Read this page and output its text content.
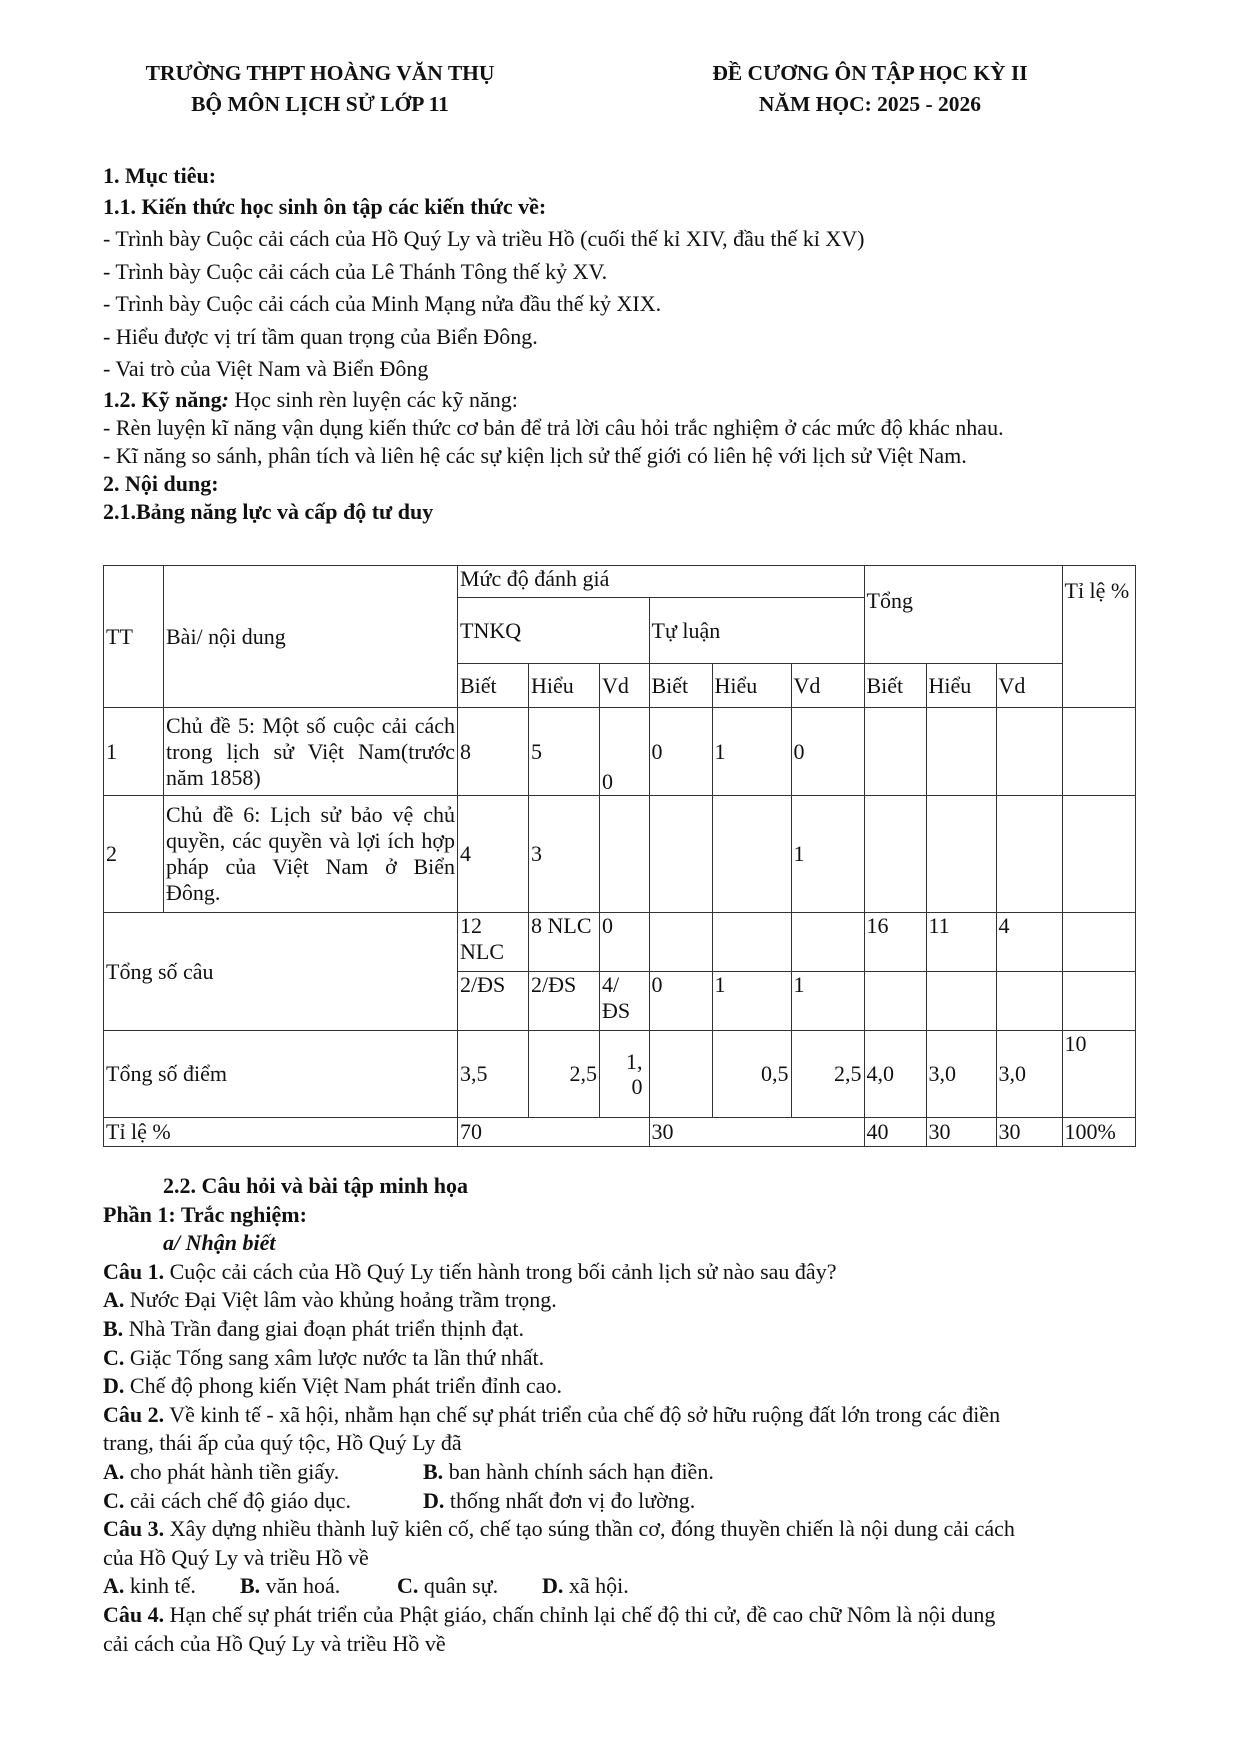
TRƯỜNG THPT HOÀNG VĂN THỤ
BỘ MÔN LỊCH SỬ LỚP 11
ĐỀ CƯƠNG ÔN TẬP HỌC KỲ II
NĂM HỌC: 2025 - 2026
1. Mục tiêu:
1.1. Kiến thức học sinh ôn tập các kiến thức về:
- Trình bày Cuộc cải cách của Hồ Quý Ly và triều Hồ (cuối thế kỉ XIV, đầu thế kỉ XV)
- Trình bày Cuộc cải cách của Lê Thánh Tông thế kỷ XV.
- Trình bày Cuộc cải cách của Minh Mạng nửa đầu thế kỷ XIX.
- Hiểu được vị trí tầm quan trọng của Biển Đông.
- Vai trò của Việt Nam và Biển Đông
1.2. Kỹ năng: Học sinh rèn luyện các kỹ năng:
- Rèn luyện kĩ năng vận dụng kiến thức cơ bản để trả lời câu hỏi trắc nghiệm ở các mức độ khác nhau.
- Kĩ năng so sánh, phân tích và liên hệ các sự kiện lịch sử thế giới có liên hệ với lịch sử Việt Nam.
2. Nội dung:
2.1.Bảng năng lực và cấp độ tư duy
TT	Bài/ nội dung	Mức độ đánh giá						Tổng			Tỉ lệ %
		TNKQ			Tự luận						
		Biết	Hiểu	Vd	Biết	Hiểu	Vd	Biết	Hiểu	Vd	
1	Chủ đề 5: Một số cuộc cải cách trong lịch sử Việt Nam(trước năm 1858)	8	5	0	0	1	0				
2	Chủ đề 6: Lịch sử bảo vệ chủ quyền, các quyền và lợi ích hợp pháp của Việt Nam ở Biển Đông.	4	3				1				
Tổng số câu		12 NLC	8 NLC	0				16	11	4	
		2/ĐS	2/ĐS	4/ĐS	0	1	1				
Tổng số điểm		3,5	2,5	1,0		0,5	2,5	4,0	3,0	3,0	10
Tỉ lệ %		70			30			40	30	30	100%
2.2. Câu hỏi và bài tập minh họa
Phần 1: Trắc nghiệm:
a/ Nhận biết
Câu 1. Cuộc cải cách của Hồ Quý Ly tiến hành trong bối cảnh lịch sử nào sau đây?
A. Nước Đại Việt lâm vào khủng hoảng trầm trọng.
B. Nhà Trần đang giai đoạn phát triển thịnh đạt.
C. Giặc Tống sang xâm lược nước ta lần thứ nhất.
D. Chế độ phong kiến Việt Nam phát triển đỉnh cao.
Câu 2. Về kinh tế - xã hội, nhằm hạn chế sự phát triển của chế độ sở hữu ruộng đất lớn trong các điền
trang, thái ấp của quý tộc, Hồ Quý Ly đã
A. cho phát hành tiền giấy.	B. ban hành chính sách hạn điền.
C. cải cách chế độ giáo dục.	D. thống nhất đơn vị đo lường.
Câu 3. Xây dựng nhiều thành luỹ kiên cố, chế tạo súng thần cơ, đóng thuyền chiến là nội dung cải cách
của Hồ Quý Ly và triều Hồ về
A. kinh tế. B. văn hoá.	C. quân sự. D. xã hội.
Câu 4. Hạn chế sự phát triển của Phật giáo, chấn chỉnh lại chế độ thi cử, đề cao chữ Nôm là nội dung
cải cách của Hồ Quý Ly và triều Hồ về
